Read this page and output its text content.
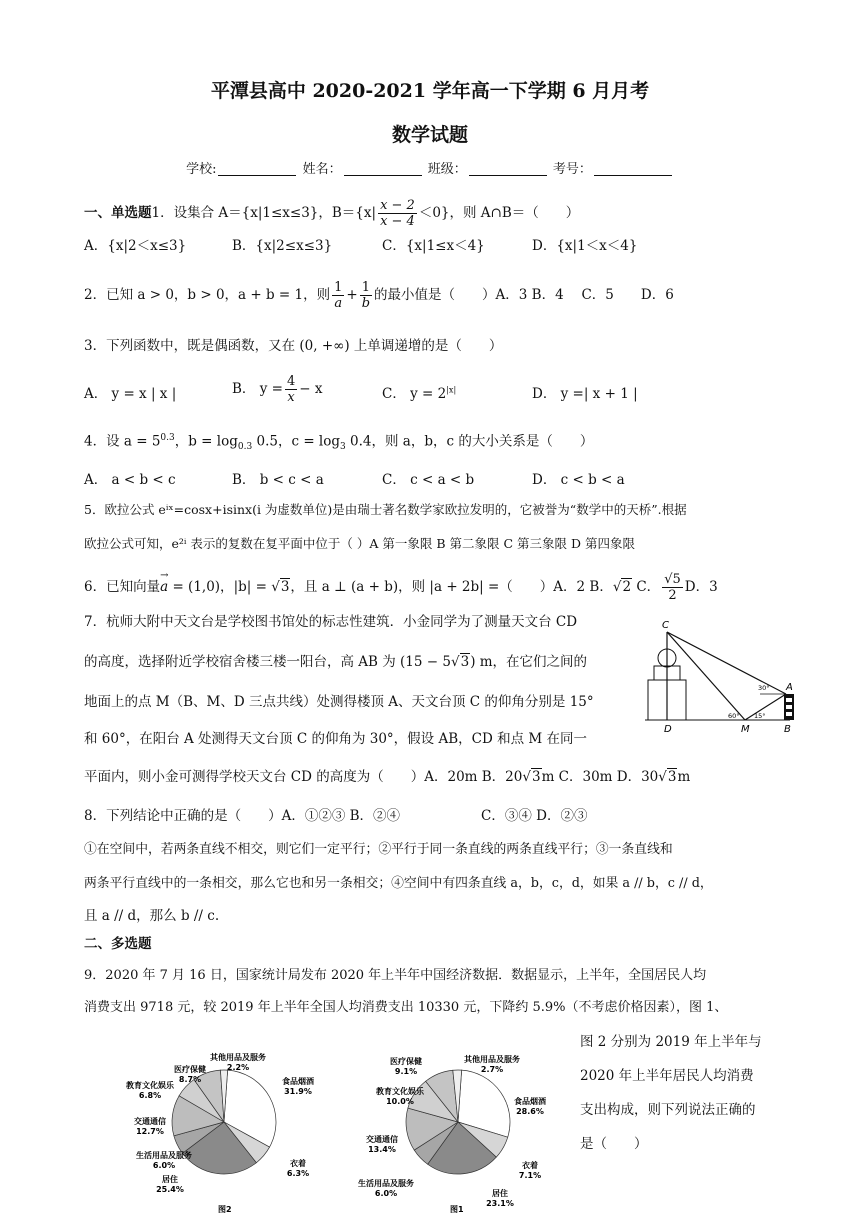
平潭县高中 2020-2021 学年高一下学期 6 月月考
数学试题
学校:	姓名：	班级：	考号：
一、单选题1．设集合 A＝{x|1≤x≤3}，$B=\{x| \frac{x - 2}{x - 4} <0\}$，则 A∩B＝（　　）
A．{x|2＜x≤3}	B．{x|2≤x≤3}	C．{x|1≤x＜4}	D．{x|1＜x＜4}
2．已知 a > 0，b > 0，a + b = 1，则 $\frac{1}{a} + \frac{1}{b}$ 的最小值是（　　）A．3 B．4　 C．5　　D．6
3．下列函数中，既是偶函数，又在 (0, +∞) 上单调递增的是（　　）
A． y = x | x |	B． $y = \frac{4}{x} - x$	C． $y = 2^{|x|}$	D． y =| x + 1 |
4．设 $a = 5^{0.3}$，$b = \log_{0.3} 0.5$，$c = \log_3 0.4$，则 a，b，c 的大小关系是（　　）
A． a < b < c	B． b < c < a	C． c < a < b	D． c < b < a
5．欧拉公式 eⁱˣ=cosx+isinx(i 为虚数单位)是由瑞士著名数学家欧拉发明的，它被誉为“数学中的天桥”.根据
欧拉公式可知，e²ⁱ 表示的复数在复平面中位于（ ）A 第一象限 B 第二象限 C 第三象限 D 第四象限
6．已知向量→ a = (1,0)，|b| = √3，且 a ⊥ (a + b)，则 |a + 2b| =（　　）A．2 B．√2 C． $\frac{√5}{2}$ D．3
7．杭师大附中天文台是学校图书馆处的标志性建筑．小金同学为了测量天文台 CD
的高度，选择附近学校宿舍楼三楼一阳台，高 AB 为 (15 − 5√3) m，在它们之间的
地面上的点 M（B、M、D 三点共线）处测得楼顶 A、天文台顶 C 的仰角分别是 15°
和 60°，在阳台 A 处测得天文台顶 C 的仰角为 30°，假设 AB，CD 和点 M 在同一
平面内，则小金可测得学校天文台 CD 的高度为（　　）A．20m B．20√3m C．30m D．30√3m
C
A
D	M	B
30°
60° 15°
8．下列结论中正确的是（　　）A．①②③ B．②④　　　　　　C．③④ D．②③
①在空间中，若两条直线不相交，则它们一定平行；②平行于同一条直线的两条直线平行；③一条直线和
两条平行直线中的一条相交，那么它也和另一条相交；④空间中有四条直线 a，b，c，d，如果 a // b，c // d，
且 a // d，那么 b // c.
二、多选题
9．2020 年 7 月 16 日，国家统计局发布 2020 年上半年中国经济数据．数据显示，上半年，全国居民人均
消费支出 9718 元，较 2019 年上半年全国人均消费支出 10330 元，下降约 5.9%（不考虑价格因素），图 1、
图 2 分别为 2019 年上半年与
2020 年上半年居民人均消费
支出构成，则下列说法正确的
是（　　）
食品烟酒
31.9%
衣着
6.3%
居住
25.4%
生活用品及服务
6.0%
交通通信
12.7%
教育文化娱乐
6.8%
医疗保健
8.7%
其他用品及服务
2.2%
图2
食品烟酒
28.6%
衣着
7.1%
居住
23.1%
生活用品及服务
6.0%
交通通信
13.4%
教育文化娱乐
10.0%
医疗保健
9.1%
其他用品及服务
2.7%
图1
